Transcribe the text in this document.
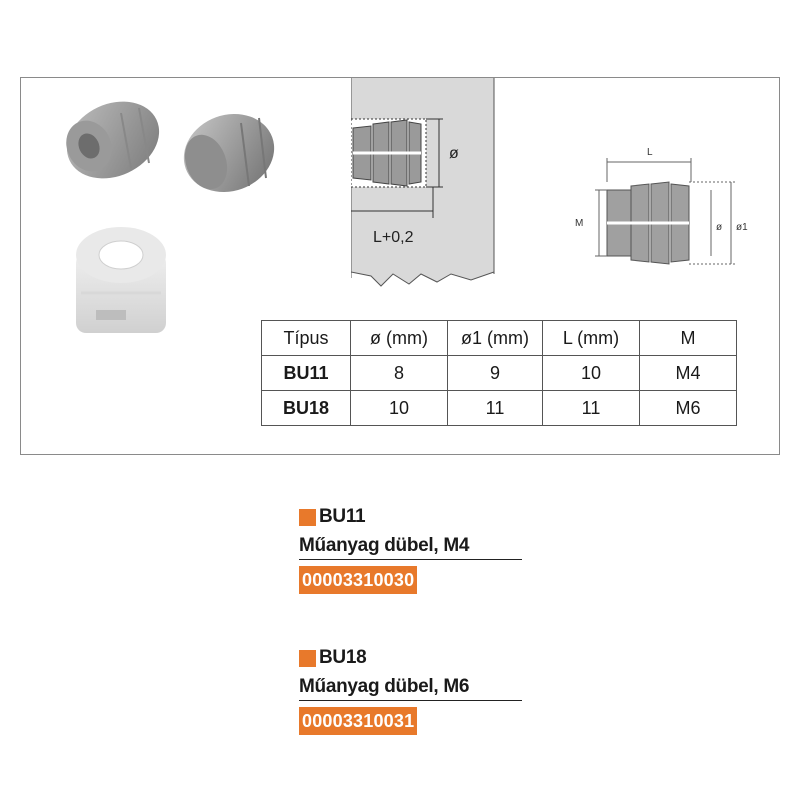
ø
L+0,2
L
M	ø ø1
Típus	ø (mm)	ø1 (mm)	L (mm)	M
BU11	8	9	10	M4
BU18	10	11	11	M6
BU11
Műanyag dübel, M4
00003310030
BU18
Műanyag dübel, M6
00003310031
